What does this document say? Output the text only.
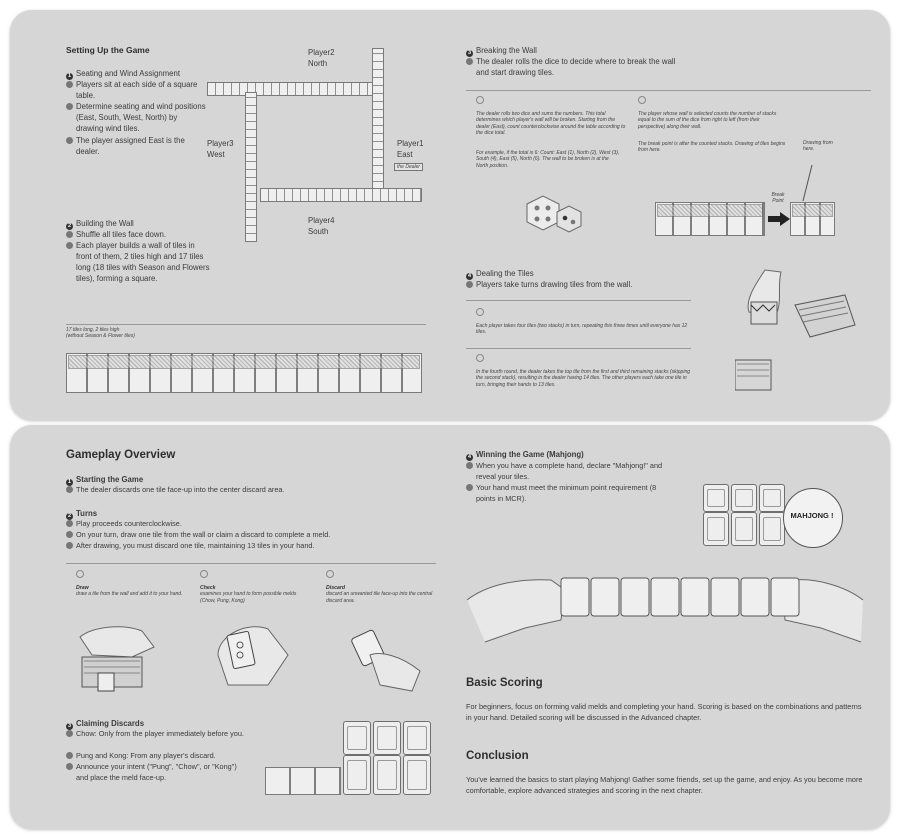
Setting Up the Game
1 Seating and Wind Assignment
Players sit at each side of a square table.
Determine seating and wind positions (East, South, West, North) by drawing wind tiles.
The player assigned East is the dealer.
2 Building the Wall
Shuffle all tiles face down.
Each player builds a wall of tiles in front of them, 2 tiles high and 17 tiles long (18 tiles with Season and Flowers tiles), forming a square.
Player2
North
Player3
West
Player1
East
the Dealer
Player4
South
17 tiles long, 2 tiles high
(without Season & Flower tiles)
3 Breaking the Wall
The dealer rolls the dice to decide where to break the wall and start drawing tiles.
The dealer rolls two dice and sums the numbers. This total determines which player's wall will be broken. Starting from the dealer (East), count counterclockwise around the table according to the dice total.
For example, if the total is 6: Count: East (1), North (2), West (3), South (4), East (5), North (6). The wall to be broken is at the North position.
The player whose wall is selected counts the number of stacks equal to the sum of the dice from right to left (from their perspective) along their wall.
The break point is after the counted stacks. Drawing of tiles begins from here.
Break Point
Drawing from here.
4 Dealing the Tiles
Players take turns drawing tiles from the wall.
Each player takes four tiles (two stacks) in turn, repeating this three times until everyone has 12 tiles.
In the fourth round, the dealer takes the top tile from the first and third remaining stacks (skipping the second stack), resulting in the dealer having 14 tiles. The other players each take one tile in turn, bringing their hands to 13 tiles.
Gameplay Overview
1 Starting the Game
The dealer discards one tile face-up into the center discard area.
2 Turns
Play proceeds counterclockwise.
On your turn, draw one tile from the wall or claim a discard to complete a meld.
After drawing, you must discard one tile, maintaining 13 tiles in your hand.
Draw
draw a tile from the wall and add it to your hand.
Check
examines your hand to form possible melds (Chow, Pung, Kong)
Discard
discard an unwanted tile face-up into the central discard area.
3 Claiming Discards
Chow: Only from the player immediately before you.
Pung and Kong: From any player's discard.
Announce your intent ("Pung", "Chow", or "Kong") and place the meld face-up.
4 Winning the Game (Mahjong)
When you have a complete hand, declare "Mahjong!" and reveal your tiles.
Your hand must meet the minimum point requirement (8 points in MCR).
MAHJONG !
Basic Scoring
For beginners, focus on forming valid melds and completing your hand. Scoring is based on the combinations and patterns in your hand. Detailed scoring will be discussed in the Advanced chapter.
Conclusion
You've learned the basics to start playing Mahjong! Gather some friends, set up the game, and enjoy. As you become more comfortable, explore advanced strategies and scoring in the next chapter.
